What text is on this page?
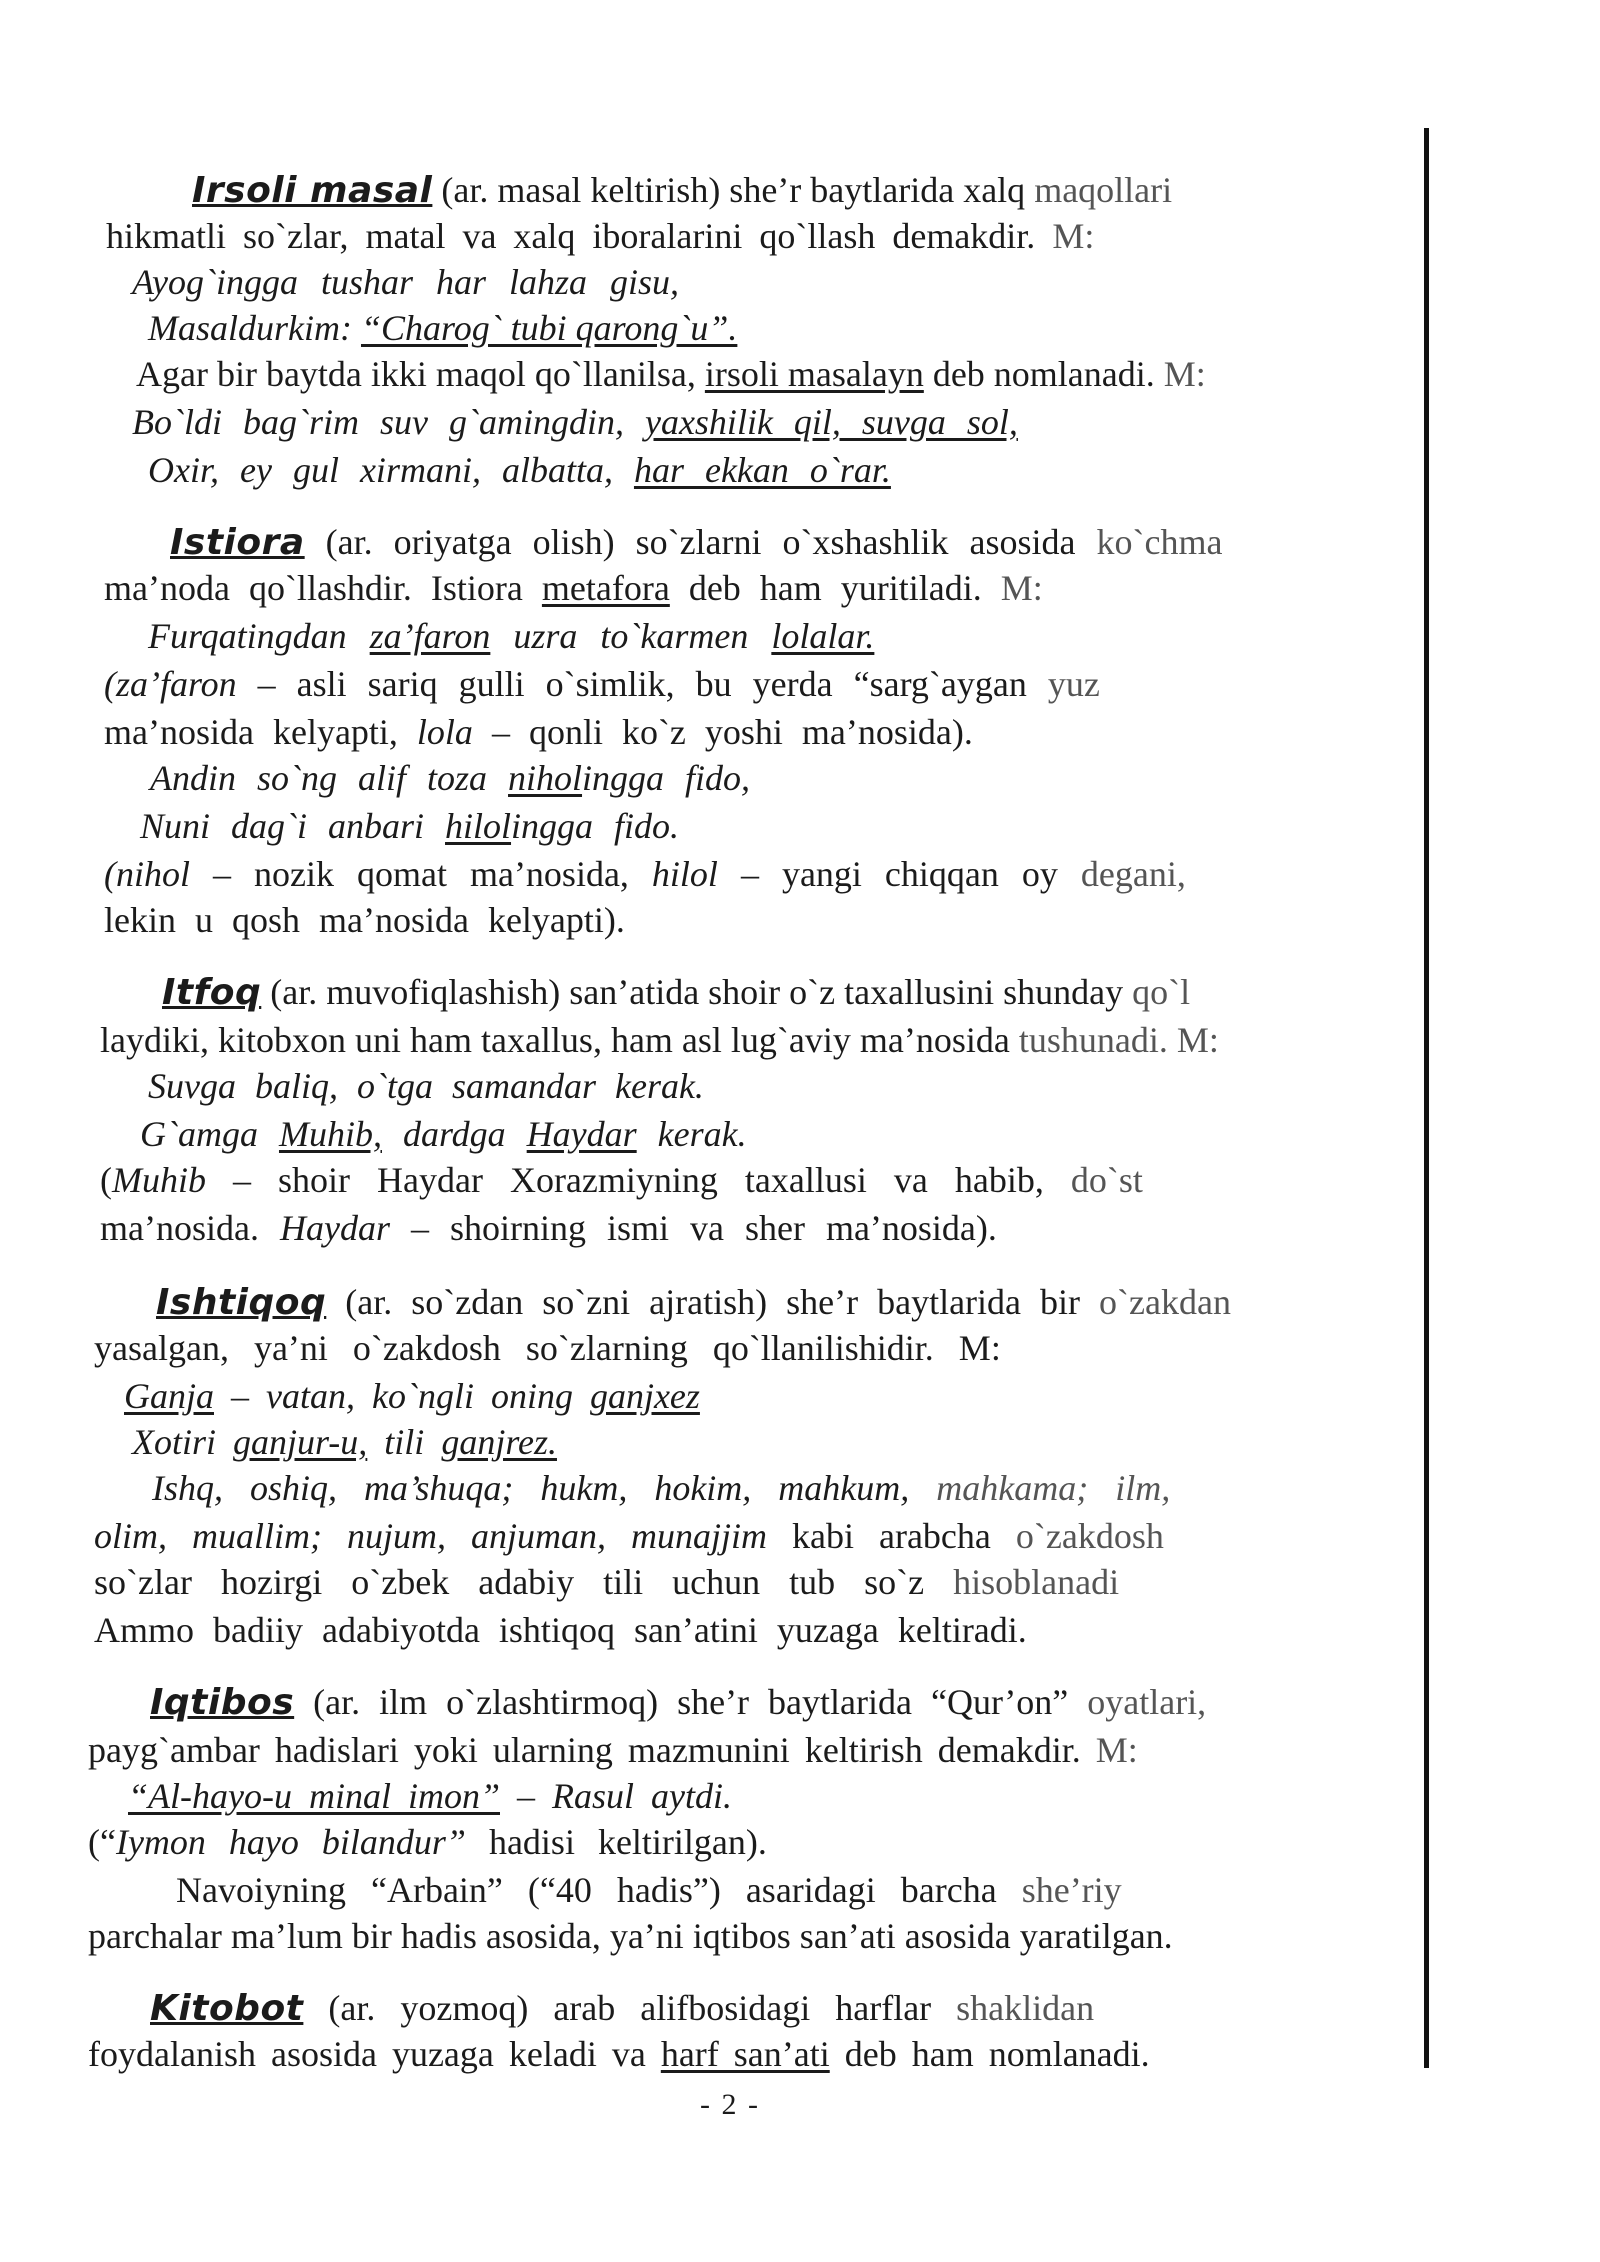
Irsoli masal (ar. masal keltirish) she’r baytlarida xalq maqollari
hikmatli so`zlar, matal va xalq iboralarini qo`llash demakdir. M:
Ayog`ingga tushar har lahza gisu,
Masaldurkim: “Charog` tubi qarong`u”.
Agar bir baytda ikki maqol qo`llanilsa, irsoli masalayn deb nomlanadi. M:
Bo`ldi bag`rim suv g`amingdin, yaxshilik qil, suvga sol,
Oxir, ey gul xirmani, albatta, har ekkan o`rar.
Istiora (ar. oriyatga olish) so`zlarni o`xshashlik asosida ko`chma
ma’noda qo`llashdir. Istiora metafora deb ham yuritiladi. M:
Furqatingdan za’faron uzra to`karmen lolalar.
(za’faron – asli sariq gulli o`simlik, bu yerda “sarg`aygan yuz
ma’nosida kelyapti, lola – qonli ko`z yoshi ma’nosida).
Andin so`ng alif toza niholingga fido,
Nuni dag`i anbari hilolingga fido.
(nihol – nozik qomat ma’nosida, hilol – yangi chiqqan oy degani,
lekin u qosh ma’nosida kelyapti).
Itfoq (ar. muvofiqlashish) san’atida shoir o`z taxallusini shunday qo`l
laydiki, kitobxon uni ham taxallus, ham asl lug`aviy ma’nosida tushunadi. M:
Suvga baliq, o`tga samandar kerak.
G`amga Muhib, dardga Haydar kerak.
(Muhib – shoir Haydar Xorazmiyning taxallusi va habib, do`st
ma’nosida. Haydar – shoirning ismi va sher ma’nosida).
Ishtiqoq (ar. so`zdan so`zni ajratish) she’r baytlarida bir o`zakdan
yasalgan, ya’ni o`zakdosh so`zlarning qo`llanilishidir. M:
Ganja – vatan, ko`ngli oning ganjxez
Xotiri ganjur-u, tili ganjrez.
Ishq, oshiq, ma’shuqa; hukm, hokim, mahkum, mahkama; ilm,
olim, muallim; nujum, anjuman, munajjim kabi arabcha o`zakdosh
so`zlar hozirgi o`zbek adabiy tili uchun tub so`z hisoblanadi
Ammo badiiy adabiyotda ishtiqoq san’atini yuzaga keltiradi.
Iqtibos (ar. ilm o`zlashtirmoq) she’r baytlarida “Qur’on” oyatlari,
payg`ambar hadislari yoki ularning mazmunini keltirish demakdir. M:
“Al-hayo-u minal imon” – Rasul aytdi.
(“Iymon hayo bilandur” hadisi keltirilgan).
Navoiyning “Arbain” (“40 hadis”) asaridagi barcha she’riy
parchalar ma’lum bir hadis asosida, ya’ni iqtibos san’ati asosida yaratilgan.
Kitobot (ar. yozmoq) arab alifbosidagi harflar shaklidan
foydalanish asosida yuzaga keladi va harf san’ati deb ham nomlanadi.
- 2 -
